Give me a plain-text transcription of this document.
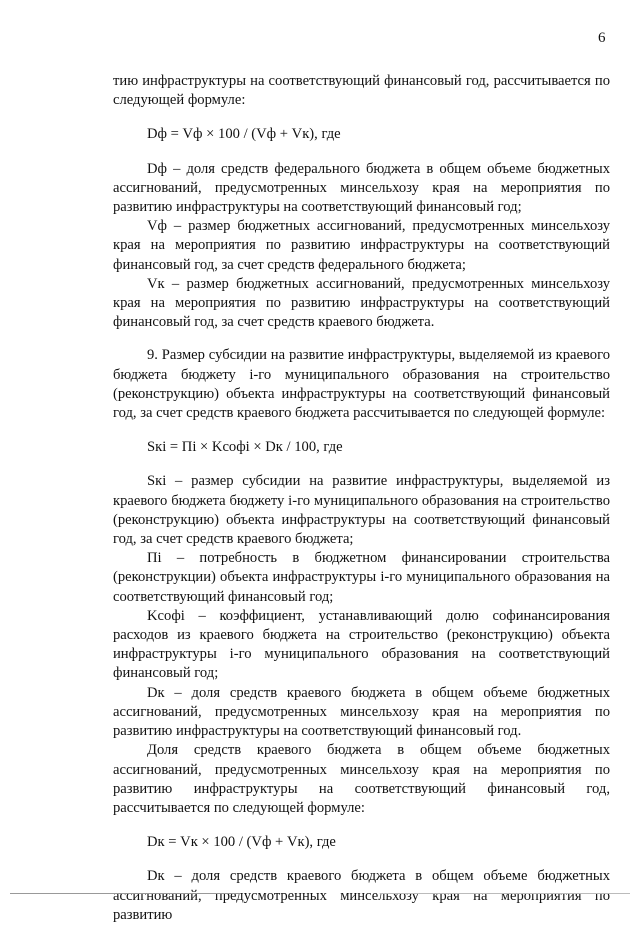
6

тию инфраструктуры на соответствующий финансовый год, рассчитывается по следующей формуле:

Dф = Vф × 100 / (Vф + Vк), где

Dф – доля средств федерального бюджета в общем объеме бюджетных ассигнований, предусмотренных минсельхозу края на мероприятия по развитию инфраструктуры на соответствующий финансовый год;

Vф – размер бюджетных ассигнований, предусмотренных минсельхозу края на мероприятия по развитию инфраструктуры на соответствующий финансовый год, за счет средств федерального бюджета;

Vк – размер бюджетных ассигнований, предусмотренных минсельхозу края на мероприятия по развитию инфраструктуры на соответствующий финансовый год, за счет средств краевого бюджета.

9. Размер субсидии на развитие инфраструктуры, выделяемой из краевого бюджета бюджету i-го муниципального образования на строительство (реконструкцию) объекта инфраструктуры на соответствующий финансовый год, за счет средств краевого бюджета рассчитывается по следующей формуле:

Sкi = Пi × Kсофi × Dк / 100, где

Sкi – размер субсидии на развитие инфраструктуры, выделяемой из краевого бюджета бюджету i-го муниципального образования на строительство (реконструкцию) объекта инфраструктуры на соответствующий финансовый год, за счет средств краевого бюджета;

Пi – потребность в бюджетном финансировании строительства (реконструкции) объекта инфраструктуры i-го муниципального образования на соответствующий финансовый год;

Kсофi – коэффициент, устанавливающий долю софинансирования расходов из краевого бюджета на строительство (реконструкцию) объекта инфраструктуры i-го муниципального образования на соответствующий финансовый год;

Dк – доля средств краевого бюджета в общем объеме бюджетных ассигнований, предусмотренных минсельхозу края на мероприятия по развитию инфраструктуры на соответствующий финансовый год.

Доля средств краевого бюджета в общем объеме бюджетных ассигнований, предусмотренных минсельхозу края на мероприятия по развитию инфраструктуры на соответствующий финансовый год, рассчитывается по следующей формуле:

Dк = Vк × 100 / (Vф + Vк), где

Dк – доля средств краевого бюджета в общем объеме бюджетных ассигнований, предусмотренных минсельхозу края на мероприятия по развитию
